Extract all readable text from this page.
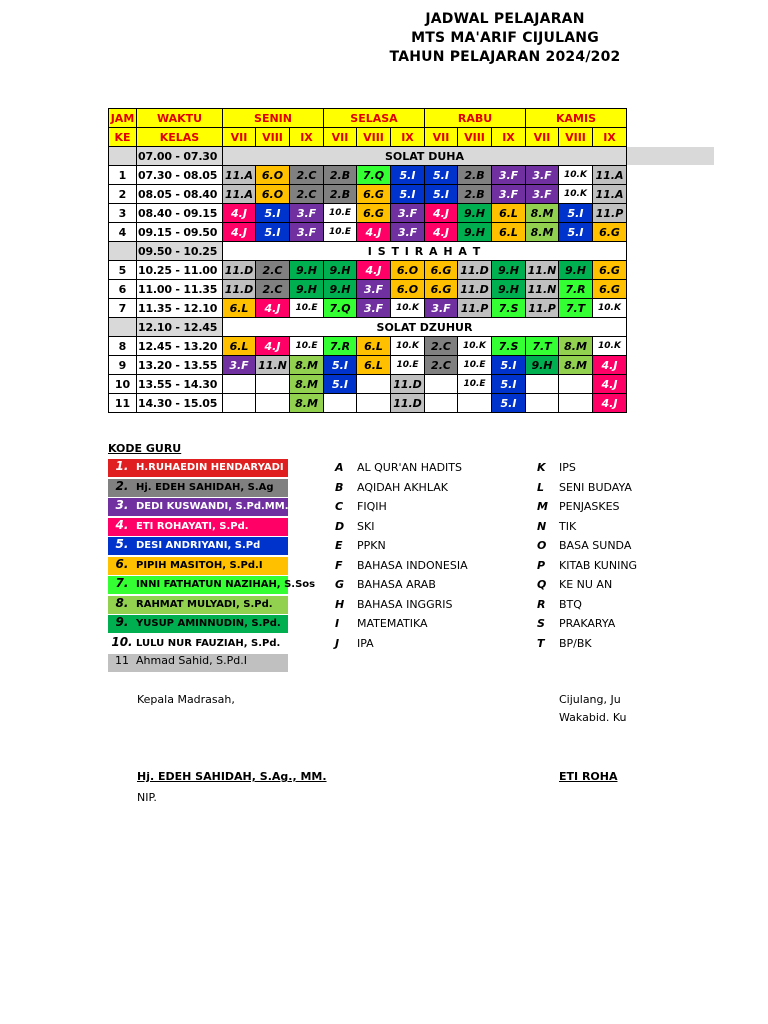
JADWAL PELAJARAN
MTS MA'ARIF CIJULANG
TAHUN PELAJARAN 2024/202
JAM	WAKTU	SENIN			SELASA			RABU			KAMIS		
KE	KELAS	VII	VIII	IX	VII	VIII	IX	VII	VIII	IX	VII	VIII	IX
	07.00 - 07.30	SOLAT DUHA											
1	07.30 - 08.05	11.A	6.O	2.C	2.B	7.Q	5.I	5.I	2.B	3.F	3.F	10.K	11.A
2	08.05 - 08.40	11.A	6.O	2.C	2.B	6.G	5.I	5.I	2.B	3.F	3.F	10.K	11.A
3	08.40 - 09.15	4.J	5.I	3.F	10.E	6.G	3.F	4.J	9.H	6.L	8.M	5.I	11.P
4	09.15 - 09.50	4.J	5.I	3.F	10.E	4.J	3.F	4.J	9.H	6.L	8.M	5.I	6.G
	09.50 - 10.25	I S T I R A H A T											
5	10.25 - 11.00	11.D	2.C	9.H	9.H	4.J	6.O	6.G	11.D	9.H	11.N	9.H	6.G
6	11.00 - 11.35	11.D	2.C	9.H	9.H	3.F	6.O	6.G	11.D	9.H	11.N	7.R	6.G
7	11.35 - 12.10	6.L	4.J	10.E	7.Q	3.F	10.K	3.F	11.P	7.S	11.P	7.T	10.K
	12.10 - 12.45	SOLAT DZUHUR											
8	12.45 - 13.20	6.L	4.J	10.E	7.R	6.L	10.K	2.C	10.K	7.S	7.T	8.M	10.K
9	13.20 - 13.55	3.F	11.N	8.M	5.I	6.L	10.E	2.C	10.E	5.I	9.H	8.M	4.J
10	13.55 - 14.30			8.M	5.I		11.D		10.E	5.I			4.J
11	14.30 - 15.05			8.M			11.D			5.I			4.J
KODE GURU
1. H.RUHAEDIN HENDARYADI
2. Hj. EDEH SAHIDAH, S.Ag
3. DEDI KUSWANDI, S.Pd.MM.
4. ETI ROHAYATI, S.Pd.
5. DESI ANDRIYANI, S.Pd
6. PIPIH MASITOH, S.Pd.I
7. INNI FATHATUN NAZIHAH, S.Sos
8. RAHMAT MULYADI, S.Pd.
9. YUSUP AMINNUDIN, S.Pd.
10. LULU NUR FAUZIAH, S.Pd.
11 Ahmad Sahid, S.Pd.I
A AL QUR'AN HADITS
B AQIDAH AKHLAK
C FIQIH
D SKI
E PPKN
F BAHASA INDONESIA
G BAHASA ARAB
H BAHASA INGGRIS
I MATEMATIKA
J IPA
K IPS
L SENI BUDAYA
M PENJASKES
N TIK
O BASA SUNDA
P KITAB KUNING
Q KE NU AN
R BTQ
S PRAKARYA
T BP/BK
Kepala Madrasah,	Cijulang, Ju
Wakabid. Ku
Hj. EDEH SAHIDAH, S.Ag., MM.	ETI ROHA
NIP.
